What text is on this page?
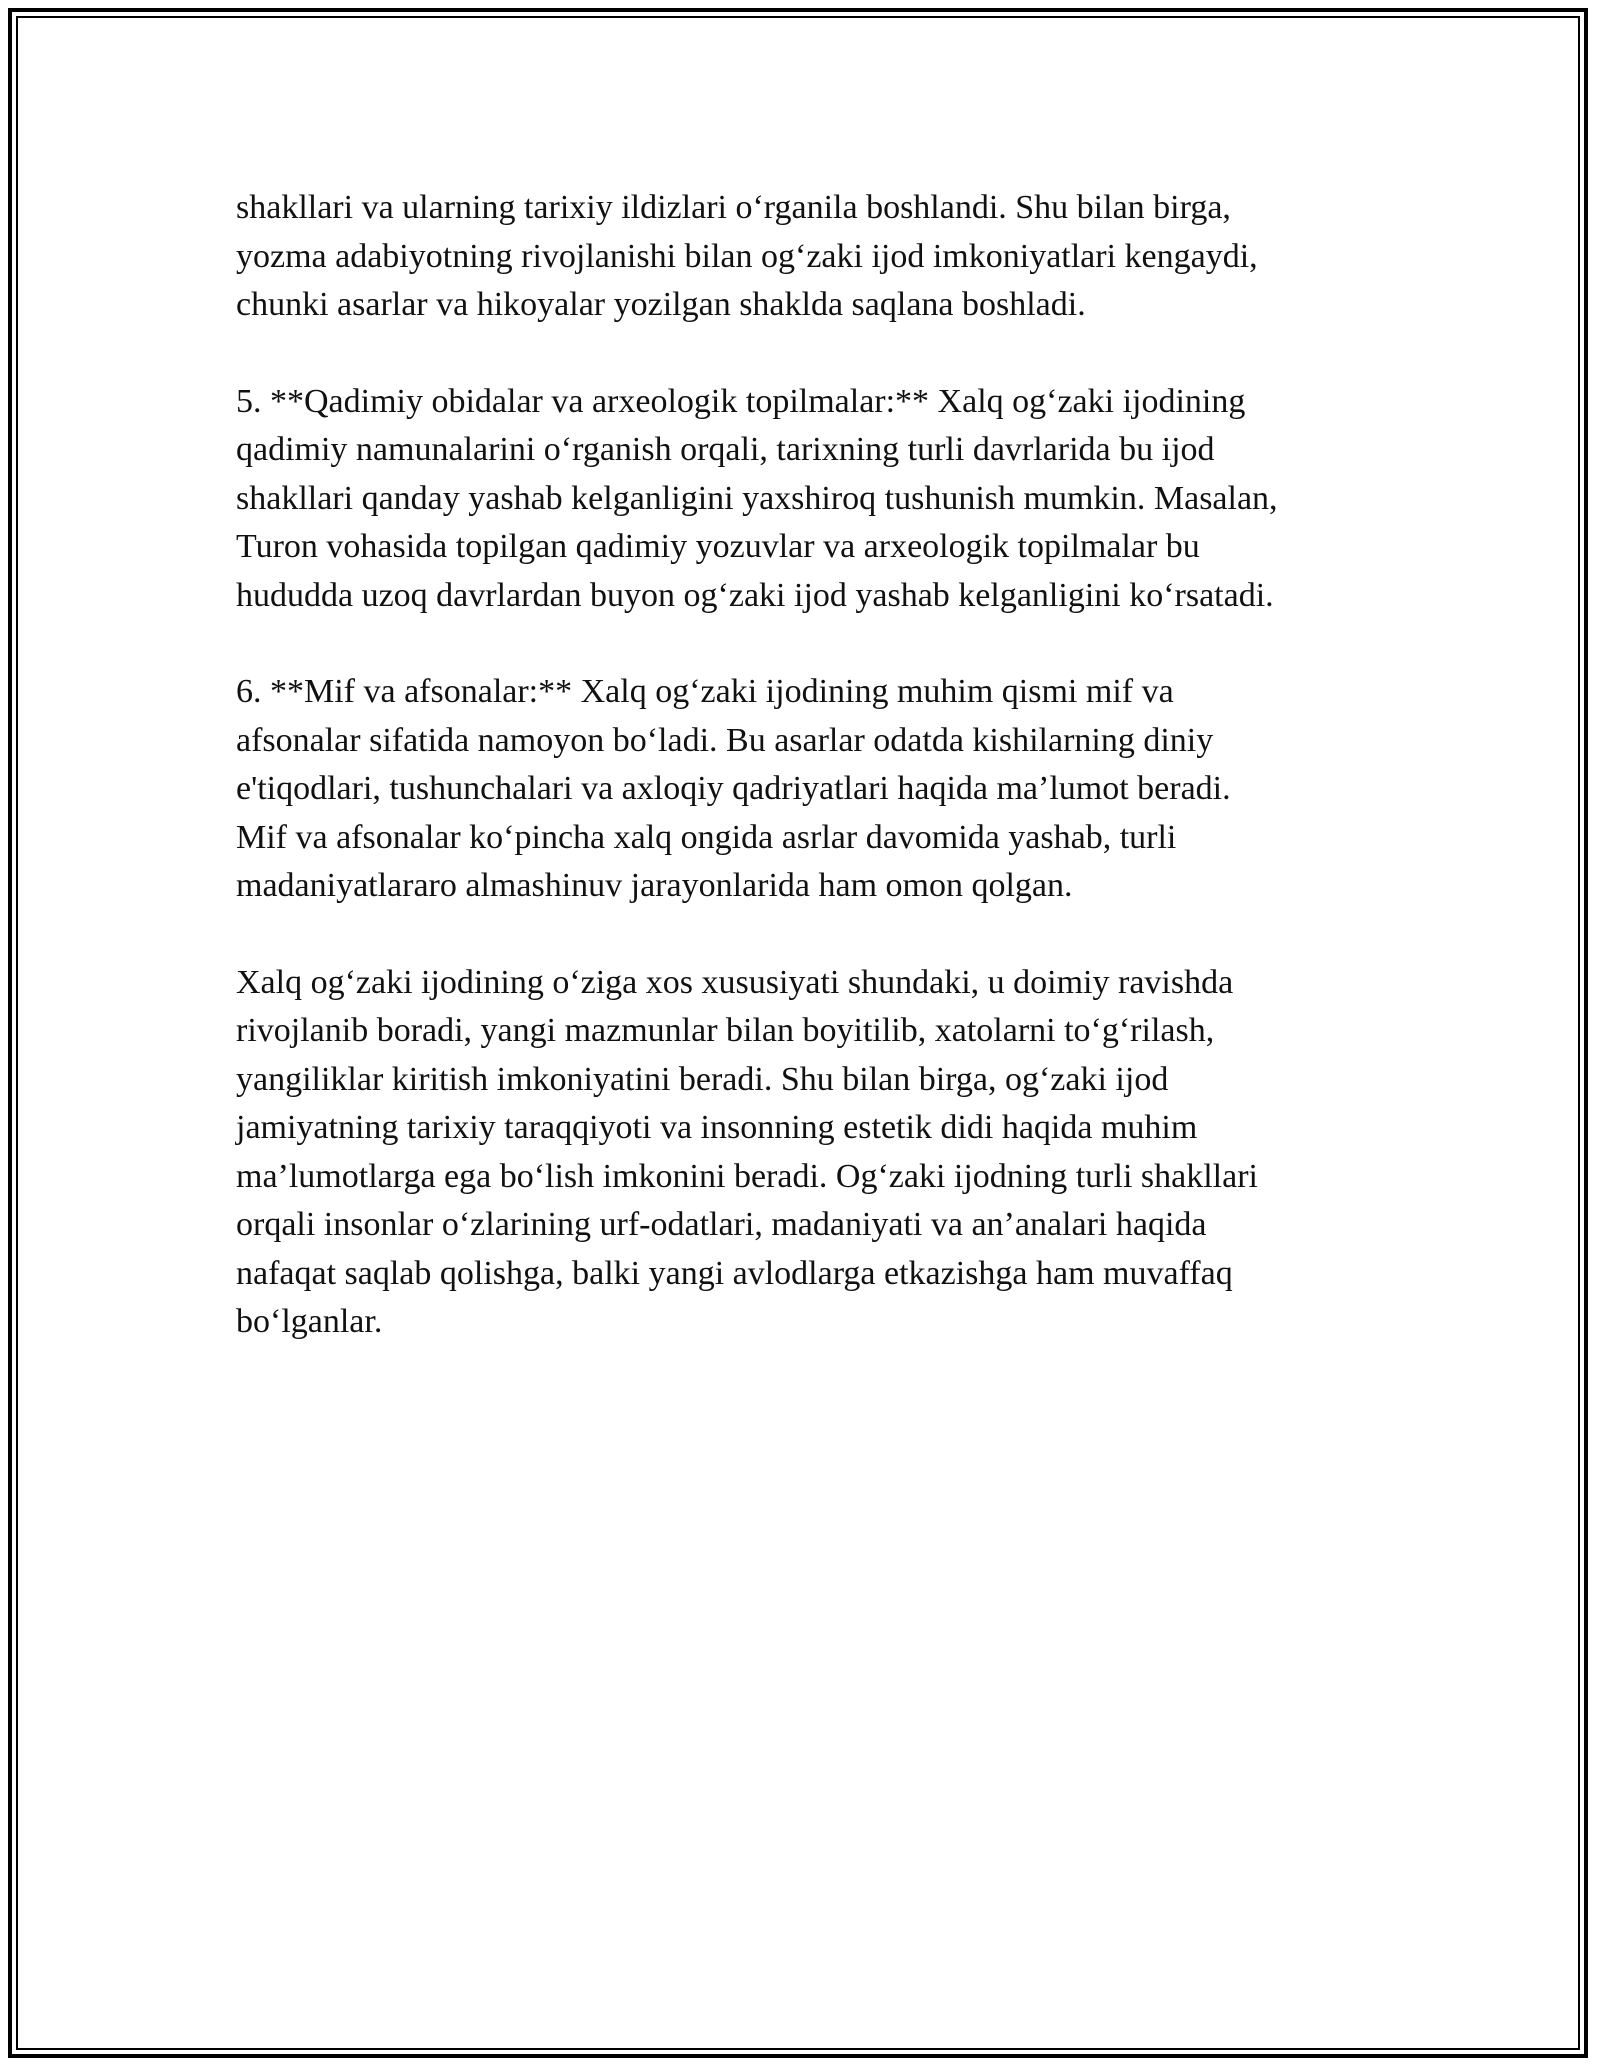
shakllari va ularning tarixiy ildizlari o‘rganila boshlandi. Shu bilan birga,
yozma adabiyotning rivojlanishi bilan og‘zaki ijod imkoniyatlari kengaydi,
chunki asarlar va hikoyalar yozilgan shaklda saqlana boshladi.

5. **Qadimiy obidalar va arxeologik topilmalar:** Xalq og‘zaki ijodining
qadimiy namunalarini o‘rganish orqali, tarixning turli davrlarida bu ijod
shakllari qanday yashab kelganligini yaxshiroq tushunish mumkin. Masalan,
Turon vohasida topilgan qadimiy yozuvlar va arxeologik topilmalar bu
hududda uzoq davrlardan buyon og‘zaki ijod yashab kelganligini ko‘rsatadi.

6. **Mif va afsonalar:** Xalq og‘zaki ijodining muhim qismi mif va
afsonalar sifatida namoyon bo‘ladi. Bu asarlar odatda kishilarning diniy
e'tiqodlari, tushunchalari va axloqiy qadriyatlari haqida ma’lumot beradi.
Mif va afsonalar ko‘pincha xalq ongida asrlar davomida yashab, turli
madaniyatlararo almashinuv jarayonlarida ham omon qolgan.

Xalq og‘zaki ijodining o‘ziga xos xususiyati shundaki, u doimiy ravishda
rivojlanib boradi, yangi mazmunlar bilan boyitilib, xatolarni to‘g‘rilash,
yangiliklar kiritish imkoniyatini beradi. Shu bilan birga, og‘zaki ijod
jamiyatning tarixiy taraqqiyoti va insonning estetik didi haqida muhim
ma’lumotlarga ega bo‘lish imkonini beradi. Og‘zaki ijodning turli shakllari
orqali insonlar o‘zlarining urf-odatlari, madaniyati va an’analari haqida
nafaqat saqlab qolishga, balki yangi avlodlarga etkazishga ham muvaffaq
bo‘lganlar.
